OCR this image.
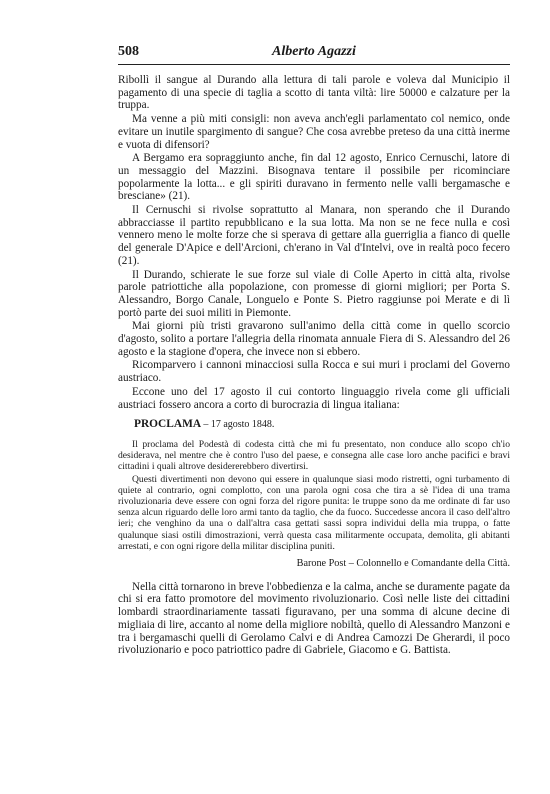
508	Alberto Agazzi

Ribollì il sangue al Durando alla lettura di tali parole e voleva dal Municipio il pagamento di una specie di taglia a scotto di tanta viltà: lire 50000 e calzature per la truppa.

Ma venne a più miti consigli: non aveva anch'egli parlamentato col nemico, onde evitare un inutile spargimento di sangue? Che cosa avrebbe preteso da una città inerme e vuota di difensori?

A Bergamo era sopraggiunto anche, fin dal 12 agosto, Enrico Cernuschi, latore di un messaggio del Mazzini. Bisognava tentare il possibile per ricominciare popolarmente la lotta... e gli spiriti duravano in fermento nelle valli bergamasche e bresciane» (21).

Il Cernuschi si rivolse soprattutto al Manara, non sperando che il Durando abbracciasse il partito repubblicano e la sua lotta. Ma non se ne fece nulla e così vennero meno le molte forze che si sperava di gettare alla guerriglia a fianco di quelle del generale D'Apice e dell'Arcioni, ch'erano in Val d'Intelvi, ove in realtà poco fecero (21).

Il Durando, schierate le sue forze sul viale di Colle Aperto in città alta, rivolse parole patriottiche alla popolazione, con promesse di giorni migliori; per Porta S. Alessandro, Borgo Canale, Longuelo e Ponte S. Pietro raggiunse poi Merate e di lì portò parte dei suoi militi in Piemonte.

Mai giorni più tristi gravarono sull'animo della città come in quello scorcio d'agosto, solito a portare l'allegria della rinomata annuale Fiera di S. Alessandro del 26 agosto e la stagione d'opera, che invece non si ebbero.

Ricomparvero i cannoni minacciosi sulla Rocca e sui muri i proclami del Governo austriaco.

Eccone uno del 17 agosto il cui contorto linguaggio rivela come gli ufficiali austriaci fossero ancora a corto di burocrazia di lingua italiana:

PROCLAMA – 17 agosto 1848.

Il proclama del Podestà di codesta città che mi fu presentato, non conduce allo scopo ch'io desiderava, nel mentre che è contro l'uso del paese, e consegna alle case loro anche pacifici e bravi cittadini i quali altrove desidererebbero divertirsi.

Questi divertimenti non devono qui essere in qualunque siasi modo ristretti, ogni turbamento di quiete al contrario, ogni complotto, con una parola ogni cosa che tira a sè l'idea di una trama rivoluzionaria deve essere con ogni forza del rigore punita: le truppe sono da me ordinate di far uso senza alcun riguardo delle loro armi tanto da taglio, che da fuoco. Succedesse ancora il caso dell'altro ieri; che venghino da una o dall'altra casa gettati sassi sopra individui della mia truppa, o fatte qualunque siasi ostili dimostrazioni, verrà questa casa militarmente occupata, demolita, gli abitanti arrestati, e con ogni rigore della militar disciplina puniti.

Barone Post – Colonnello e Comandante della Città.

Nella città tornarono in breve l'obbedienza e la calma, anche se duramente pagate da chi si era fatto promotore del movimento rivoluzionario. Così nelle liste dei cittadini lombardi straordinariamente tassati figuravano, per una somma di alcune decine di migliaia di lire, accanto al nome della migliore nobiltà, quello di Alessandro Manzoni e tra i bergamaschi quelli di Gerolamo Calvi e di Andrea Camozzi De Gherardi, il poco rivoluzionario e poco patriottico padre di Gabriele, Giacomo e G. Battista.
